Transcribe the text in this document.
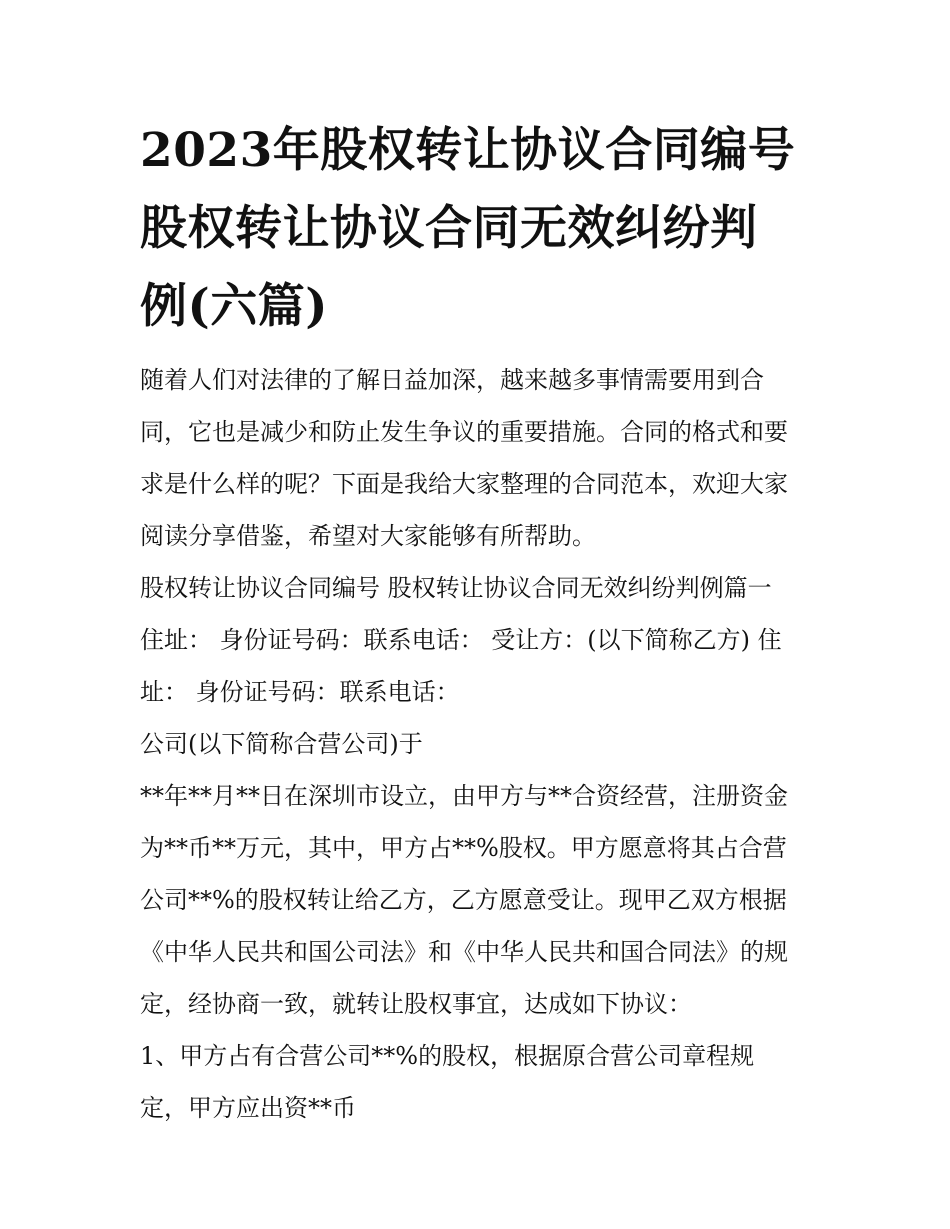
2023年股权转让协议合同编号
股权转让协议合同无效纠纷判
例(六篇)
随着人们对法律的了解日益加深，越来越多事情需要用到合
同，它也是减少和防止发生争议的重要措施。合同的格式和要
求是什么样的呢？下面是我给大家整理的合同范本，欢迎大家
阅读分享借鉴，希望对大家能够有所帮助。
股权转让协议合同编号 股权转让协议合同无效纠纷判例篇一
住址： 身份证号码：联系电话： 受让方：(以下简称乙方) 住
址： 身份证号码：联系电话：
公司(以下简称合营公司)于
**年**月**日在深圳市设立，由甲方与**合资经营，注册资金
为**币**万元，其中，甲方占**%股权。甲方愿意将其占合营
公司**%的股权转让给乙方，乙方愿意受让。现甲乙双方根据
《中华人民共和国公司法》和《中华人民共和国合同法》的规
定，经协商一致，就转让股权事宜，达成如下协议：
1、甲方占有合营公司**%的股权，根据原合营公司章程规
定，甲方应出资**币
